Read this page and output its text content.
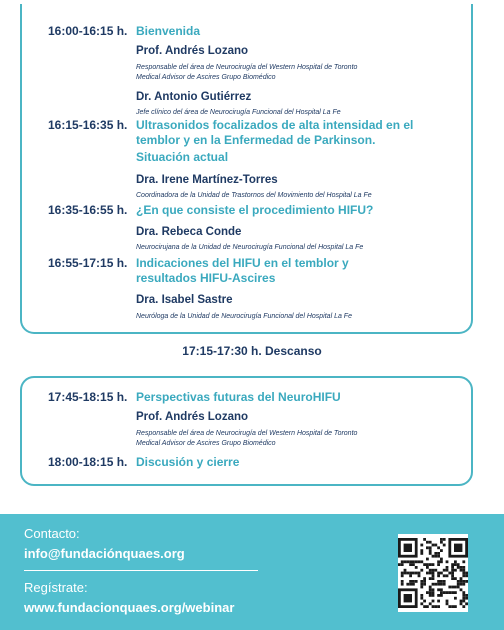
16:00-16:15 h. Bienvenida
Prof. Andrés Lozano
Responsable del área de Neurocirugía del Western Hospital de Toronto
Medical Advisor de Ascires Grupo Biomédico
Dr. Antonio Gutiérrez
Jefe clínico del área de Neurocirugía Funcional del Hospital La Fe
16:15-16:35 h. Ultrasonidos focalizados de alta intensidad en el
temblor y en la Enfermedad de Parkinson.
Situación actual
Dra. Irene Martínez-Torres
Coordinadora de la Unidad de Trastornos del Movimiento del Hospital La Fe
16:35-16:55 h. ¿En que consiste el procedimiento HIFU?
Dra. Rebeca Conde
Neurocirujana de la Unidad de Neurocirugía Funcional del Hospital La Fe
16:55-17:15 h. Indicaciones del HIFU en el temblor y
resultados HIFU-Ascires
Dra. Isabel Sastre
Neuróloga de la Unidad de Neurocirugía Funcional del Hospital La Fe
17:15-17:30 h. Descanso
17:45-18:15 h. Perspectivas futuras del NeuroHIFU
Prof. Andrés Lozano
Responsable del área de Neurocirugía del Western Hospital de Toronto
Medical Advisor de Ascires Grupo Biomédico
18:00-18:15 h. Discusión y cierre
Contacto:
info@fundaciónquaes.org
Regístrate:
www.fundacionquaes.org/webinar
